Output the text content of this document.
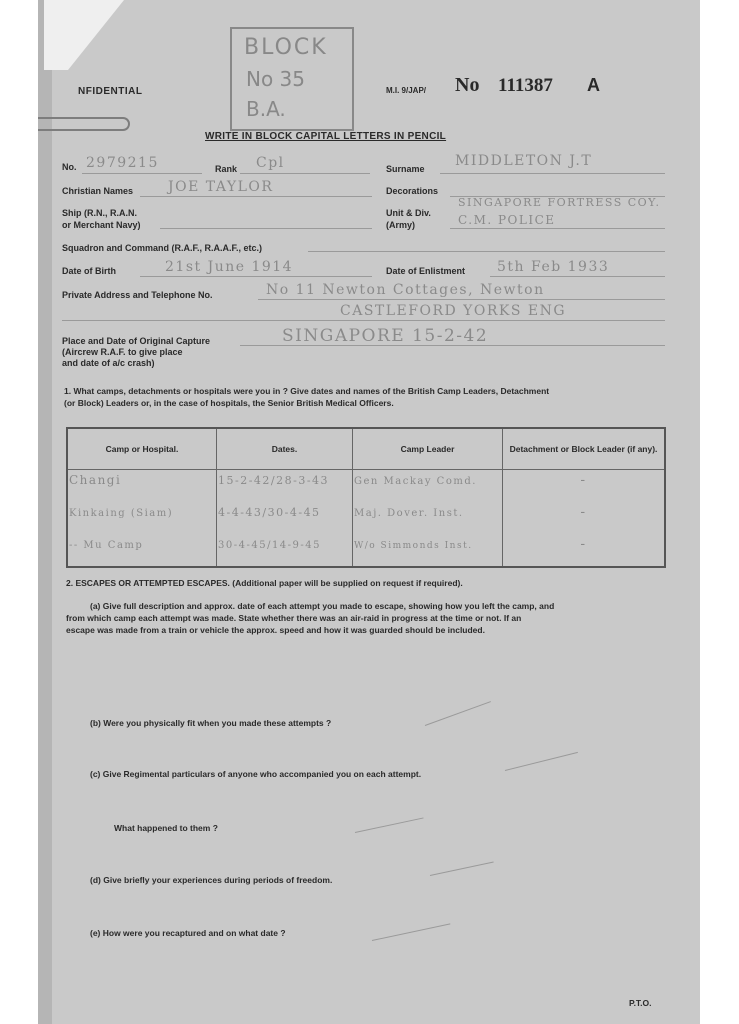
BLOCK
No 35
B.A.
NFIDENTIAL	M.I. 9/JAP/ No 111387 A
WRITE IN BLOCK CAPITAL LETTERS IN PENCIL
No. 2979215	Rank Cpl	Surname MIDDLETON J.T
Christian Names JOE TAYLOR	Decorations
Ship (R.N., R.A.N.
or Merchant Navy)
Unit & Div.
(Army)
SINGAPORE FORTRESS COY.
C.M. POLICE
Squadron and Command (R.A.F., R.A.A.F., etc.)
Date of Birth	21st June 1914	Date of Enlistment 5th Feb 1933
Private Address and Telephone No.	No 11 Newton Cottages, Newton
CASTLEFORD YORKS ENG
Place and Date of Original Capture
(Aircrew R.A.F. to give place
and date of a/c crash)
SINGAPORE 15-2-42
1. What camps, detachments or hospitals were you in ? Give dates and names of the British Camp Leaders, Detachment
(or Block) Leaders or, in the case of hospitals, the Senior British Medical Officers.
Camp or Hospital.	Dates.	Camp Leader	Detachment or Block Leader (if any).
Changi	15-2-42/28-3-43	Gen Mackay Comd.	-
Kinkaing (Siam)	4-4-43/30-4-45	Maj. Dover. Inst.	-
-- Mu Camp	30-4-45/14-9-45	W/o Simmonds Inst.	-
2. ESCAPES OR ATTEMPTED ESCAPES. (Additional paper will be supplied on request if required).
(a) Give full description and approx. date of each attempt you made to escape, showing how you left the camp, and
from which camp each attempt was made. State whether there was an air-raid in progress at the time or not. If an
escape was made from a train or vehicle the approx. speed and how it was guarded should be included.
(b) Were you physically fit when you made these attempts ?
(c) Give Regimental particulars of anyone who accompanied you on each attempt.
What happened to them ?
(d) Give briefly your experiences during periods of freedom.
(e) How were you recaptured and on what date ?
P.T.O.
